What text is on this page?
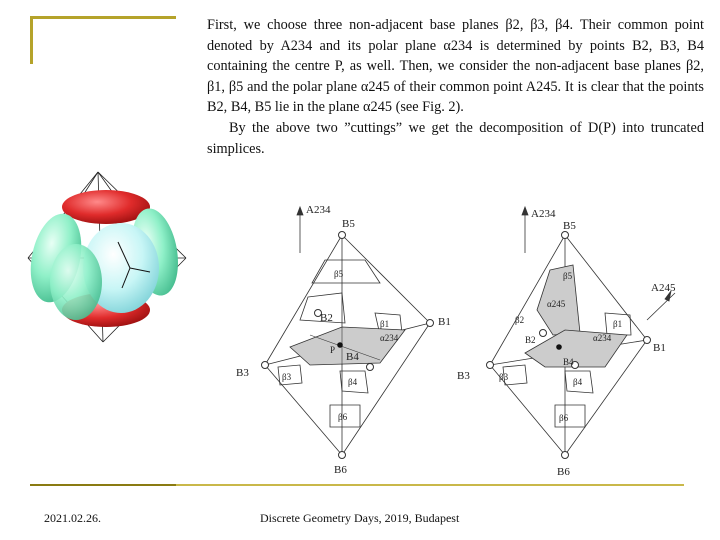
First, we choose three non-adjacent base planes β2, β3, β4. Their common point denoted by A234 and its polar plane α234 is determined by points B2, B3, B4 containing the centre P, as well. Then, we consider the non-adjacent base planes β2, β1, β5 and the polar plane α245 of their common point A245. It is clear that the points B2, B4, B5 lie in the plane α245 (see Fig. 2).

By the above two ”cuttings” we get the decomposition of D(P) into truncated simplices.

A234
B5
B1
B2
B3
B4
B6
β5
β1
β3	β4
β6
α234
P
A234
A245
B5
B1
B2
B3
B4
B6
β5
β1
β2
β3	β4
β6
α234
α245
2021.02.26.	Discrete Geometry Days, 2019, Budapest
